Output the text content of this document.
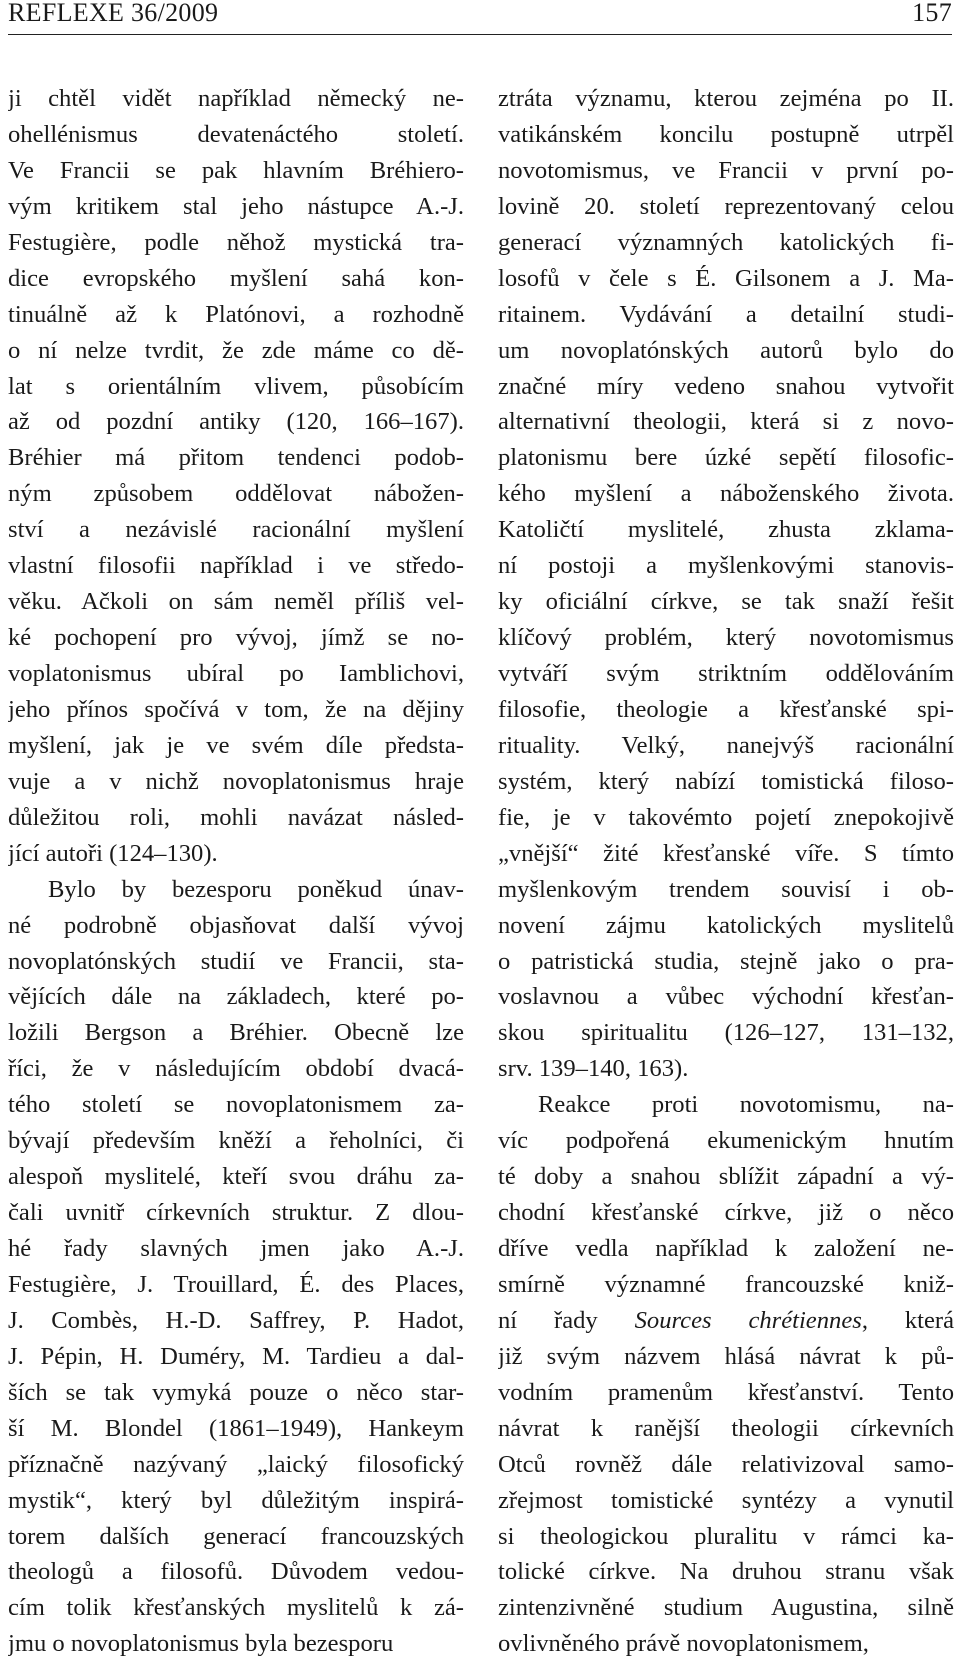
REFLEXE 36/2009	157
ji chtěl vidět například německý ne-
ohellénismus devatenáctého století.
Ve Francii se pak hlavním Bréhiero-
vým kritikem stal jeho nástupce A.-J.
Festugière, podle něhož mystická tra-
dice evropského myšlení sahá kon-
tinuálně až k Platónovi, a rozhodně
o ní nelze tvrdit, že zde máme co dě-
lat s orientálním vlivem, působícím
až od pozdní antiky (120, 166–167).
Bréhier má přitom tendenci podob-
ným způsobem oddělovat nábožen-
ství a nezávislé racionální myšlení
vlastní filosofii například i ve středo-
věku. Ačkoli on sám neměl příliš vel-
ké pochopení pro vývoj, jímž se no-
voplatonismus ubíral po Iamblichovi,
jeho přínos spočívá v tom, že na dějiny
myšlení, jak je ve svém díle předsta-
vuje a v nichž novoplatonismus hraje
důležitou roli, mohli navázat násled-
jící autoři (124–130).
Bylo by bezesporu poněkud únav-
né podrobně objasňovat další vývoj
novoplatónských studií ve Francii, sta-
vějících dále na základech, které po-
ložili Bergson a Bréhier. Obecně lze
říci, že v následujícím období dvacá-
tého století se novoplatonismem za-
bývají především kněží a řeholníci, či
alespoň myslitelé, kteří svou dráhu za-
čali uvnitř církevních struktur. Z dlou-
hé řady slavných jmen jako A.-J.
Festugière, J. Trouillard, É. des Places,
J. Combès, H.-D. Saffrey, P. Hadot,
J. Pépin, H. Duméry, M. Tardieu a dal-
ších se tak vymyká pouze o něco star-
ší M. Blondel (1861–1949), Hankeym
příznačně nazývaný „laický filosofický
mystik“, který byl důležitým inspirá-
torem dalších generací francouzských
theologů a filosofů. Důvodem vedou-
cím tolik křesťanských myslitelů k zá-
jmu o novoplatonismus byla bezesporu
ztráta významu, kterou zejména po II.
vatikánském koncilu postupně utrpěl
novotomismus, ve Francii v první po-
lovině 20. století reprezentovaný celou
generací významných katolických fi-
losofů v čele s É. Gilsonem a J. Ma-
ritainem. Vydávání a detailní studi-
um novoplatónských autorů bylo do
značné míry vedeno snahou vytvořit
alternativní theologii, která si z novo-
platonismu bere úzké sepětí filosofic-
kého myšlení a náboženského života.
Katoličtí myslitelé, zhusta zklama-
ní postoji a myšlenkovými stanovis-
ky oficiální církve, se tak snaží řešit
klíčový problém, který novotomismus
vytváří svým striktním oddělováním
filosofie, theologie a křesťanské spi-
rituality. Velký, nanejvýš racionální
systém, který nabízí tomistická filoso-
fie, je v takovémto pojetí znepokojivě
„vnější“ žité křesťanské víře. S tímto
myšlenkovým trendem souvisí i ob-
novení zájmu katolických myslitelů
o patristická studia, stejně jako o pra-
voslavnou a vůbec východní křesťan-
skou spiritualitu (126–127, 131–132,
srv. 139–140, 163).
Reakce proti novotomismu, na-
víc podpořená ekumenickým hnutím
té doby a snahou sblížit západní a vý-
chodní křesťanské církve, již o něco
dříve vedla například k založení ne-
smírně významné francouzské kniž-
ní řady Sources chrétiennes, která
již svým názvem hlásá návrat k pů-
vodním pramenům křesťanství. Tento
návrat k ranější theologii církevních
Otců rovněž dále relativizoval samo-
zřejmost tomistické syntézy a vynutil
si theologickou pluralitu v rámci ka-
tolické církve. Na druhou stranu však
zintenzivněné studium Augustina, silně
ovlivněného právě novoplatonismem,
